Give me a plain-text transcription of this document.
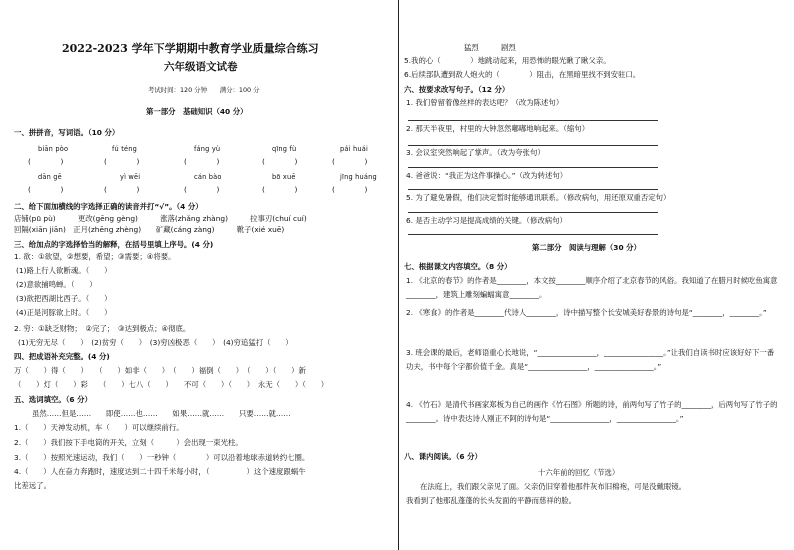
2022-2023 学年下学期期中教育学业质量综合练习
六年级语文试卷
考试时间：120 分钟　　满分：100 分
第一部分　基础知识（40 分）
一、拼拼音，写词语。（10 分）
biān pòo	fú téng	fáng yù	qīng fù	pái huái
(　　　　)	(　　　　)	(　　　　)	(　　　　)	(　　　　)
dān gē	yì wēi	cán bào	bō xuē	jīng huáng
(　　　　)	(　　　　)	(　　　　)	(　　　　)	(　　　　)
二、给下面加横线的字选择正确的读音并打“√”。（4 分）
店铺(pū pù)　　　更改(gēng gèng)　　　涨落(zhǎng zhàng)　　　拉事刃(chuí cuí)
回隔(xiān jiān)　正月(zhēng zhèng)　　矿藏(cáng zàng)　　　靴子(xié xuē)
三、给加点的字选择恰当的解释，在括号里填上序号。(4 分)
1. 欲：①欲望，②想要，希望；③需要；④将要。
(1)路上行人欲断魂。（　　）
(2)意欲捕鸣蝉。（　　）
(3)欲把西湖比西子。（　　）
(4)正是河豚欲上时。（　　）
2. 穷：①缺乏财物；　②完了；　③达到极点；④彻底。
(1)无穷无尽（　　）　(2)贫穷（　　）　(3)穷凶极恶（　　）　(4)穷追猛打（　　）
四、把成语补充完整。(4 分)
万（　　）得（　　）　　（　　）如非（　　）　（　　）福倒（　　）　（　　）（　　）新
（　　）灯（　　）彩　　（　　）七八（　　）　　不可（　　）（　　）　永无（　　）（　　）
五、选词填空。（6 分）
虽然……但是……　　即使……也……　　如果……就……　　只要……就……
1.（　　）天神发动机，车（　　）可以继续前行。
2.（　　）我们按下手电筒的开关，立刻（　　　）会出现一束光柱。
3.（　　）按照光速运动，我们（　　）一秒钟（　　　　）可以沿着地球赤道转约七圈。
4.（　　）人在奋力奔跑时，速度达到二十四千米每小时，（　　　　　）这个速度跟蜗牛
比差远了。
猛烈　　　剧烈
5.我的心（　　　　）地跳动起来，用恐怖的眼光瞅了瞅父亲。
6.后续部队遭到敌人炮火的（　　　　）阻击，在黑暗里找不到安驻口。
六、按要求改写句子。（12 分）
1. 我们曾留着像丝样的表达吧？（改为陈述句）
2. 那天半夜里，村里的大钟忽然嘟嘟地响起来。（缩句）
3. 会议室突然响起了掌声。（改为夸张句）
4. 爸爸说：“我正为这件事操心。”（改为转述句）
5. 为了避免暑假，他们决定暂时能够通讯联系。（修改病句，用还原双重否定句）
6. 是否主动学习是提高成绩的关键。（修改病句）
第二部分　阅读与理解（30 分）
七、根据课文内容填空。（8 分）
1. 《北京的春节》的作者是________，本文按________顺序介绍了北京春节的风俗。我知道了在腊月时候吃鱼寓意________，建筑上雕刻蝙蝠寓意________。
2. 《寒食》的作者是________代诗人________，诗中描写整个长安城美好春景的诗句是“________，________。”
3. 班会课的最后，老师语重心长地说，“________________，________________。”让我们自读书时应该好好下一番功夫，书中每个字都价值千金。真是“________________，________________。”
4. 《竹石》是清代书画家郑板为自己的画作《竹石图》所题的诗，前两句写了竹子的________，后两句写了竹子的________。诗中表达诗人刚正不阿的诗句是“________________，________________。”
八、课内阅读。（6 分）
十六年前的回忆（节选）
在法庭上，我们跟父亲见了面。父亲仍旧穿着他那件灰布旧棉袍，可是没戴眼镜。
我看到了他那乱蓬蓬的长头发面的平静而慈祥的脸。
